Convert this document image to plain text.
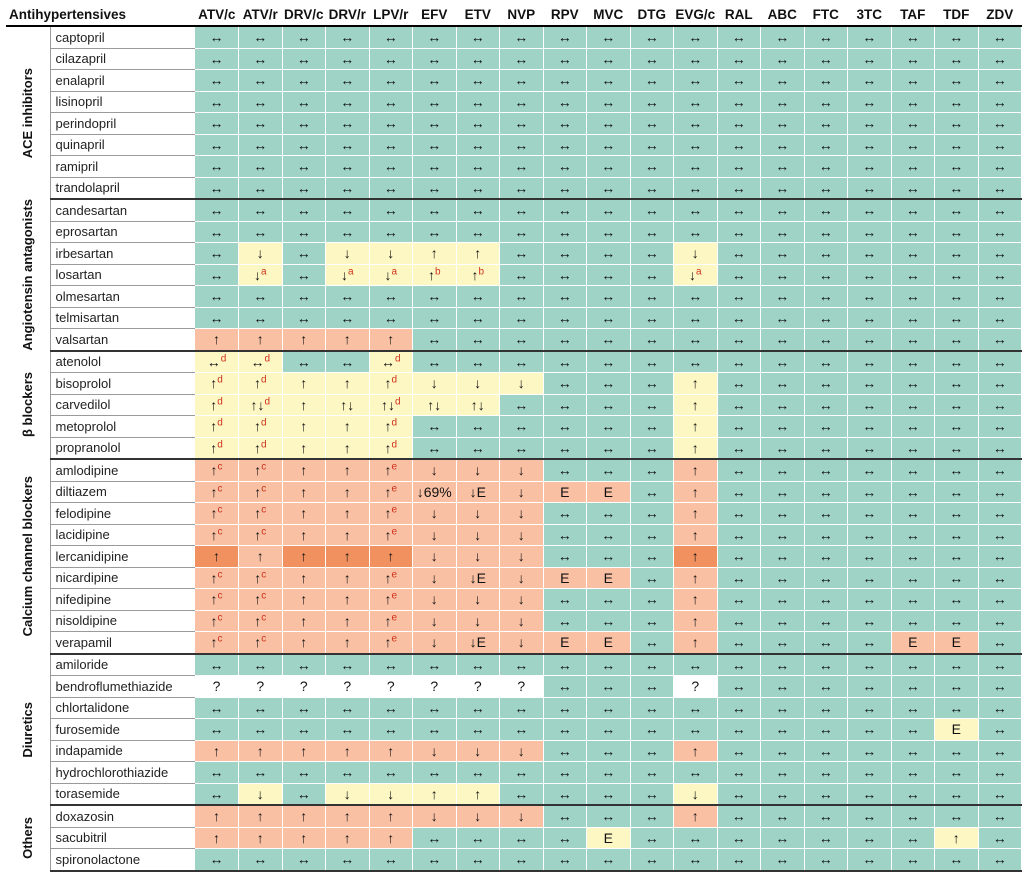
Antihypertensives		ATV/c	ATV/r	DRV/c	DRV/r	LPV/r	EFV	ETV	NVP	RPV	MVC	DTG	EVG/c	RAL	ABC	FTC	3TC	TAF	TDF	ZDV

ACE inhibitors	captopril	↔	↔	↔	↔	↔	↔	↔	↔	↔	↔	↔	↔	↔	↔	↔	↔	↔	↔	↔
	cilazapril	↔	↔	↔	↔	↔	↔	↔	↔	↔	↔	↔	↔	↔	↔	↔	↔	↔	↔	↔
	enalapril	↔	↔	↔	↔	↔	↔	↔	↔	↔	↔	↔	↔	↔	↔	↔	↔	↔	↔	↔
	lisinopril	↔	↔	↔	↔	↔	↔	↔	↔	↔	↔	↔	↔	↔	↔	↔	↔	↔	↔	↔
	perindopril	↔	↔	↔	↔	↔	↔	↔	↔	↔	↔	↔	↔	↔	↔	↔	↔	↔	↔	↔
	quinapril	↔	↔	↔	↔	↔	↔	↔	↔	↔	↔	↔	↔	↔	↔	↔	↔	↔	↔	↔
	ramipril	↔	↔	↔	↔	↔	↔	↔	↔	↔	↔	↔	↔	↔	↔	↔	↔	↔	↔	↔
	trandolapril	↔	↔	↔	↔	↔	↔	↔	↔	↔	↔	↔	↔	↔	↔	↔	↔	↔	↔	↔

Angiotensin antagonists	candesartan	↔	↔	↔	↔	↔	↔	↔	↔	↔	↔	↔	↔	↔	↔	↔	↔	↔	↔	↔
	eprosartan	↔	↔	↔	↔	↔	↔	↔	↔	↔	↔	↔	↔	↔	↔	↔	↔	↔	↔	↔
	irbesartan	↔	↓	↔	↓	↓	↑	↑	↔	↔	↔	↔	↓	↔	↔	↔	↔	↔	↔	↔
	losartan	↔	↓$^a$	↔	↓$^a$	↓$^a$	↑$^b$	↑$^b$	↔	↔	↔	↔	↓$^a$	↔	↔	↔	↔	↔	↔	↔
	olmesartan	↔	↔	↔	↔	↔	↔	↔	↔	↔	↔	↔	↔	↔	↔	↔	↔	↔	↔	↔
	telmisartan	↔	↔	↔	↔	↔	↔	↔	↔	↔	↔	↔	↔	↔	↔	↔	↔	↔	↔	↔
	valsartan	↑	↑	↑	↑	↑	↔	↔	↔	↔	↔	↔	↔	↔	↔	↔	↔	↔	↔	↔

β blockers	atenolol	↔$^d$	↔$^d$	↔	↔	↔$^d$	↔	↔	↔	↔	↔	↔	↔	↔	↔	↔	↔	↔	↔	↔
	bisoprolol	↑$^d$	↑$^d$	↑	↑	↑$^d$	↓	↓	↓	↔	↔	↔	↑	↔	↔	↔	↔	↔	↔	↔
	carvedilol	↑$^d$	↑↓$^d$	↑	↑↓	↑↓$^d$	↑↓	↑↓	↔	↔	↔	↔	↑	↔	↔	↔	↔	↔	↔	↔
	metoprolol	↑$^d$	↑$^d$	↑	↑	↑$^d$	↔	↔	↔	↔	↔	↔	↑	↔	↔	↔	↔	↔	↔	↔
	propranolol	↑$^d$	↑$^d$	↑	↑	↑$^d$	↔	↔	↔	↔	↔	↔	↑	↔	↔	↔	↔	↔	↔	↔

Calcium channel blockers	amlodipine	↑$^c$	↑$^c$	↑	↑	↑$^e$	↓	↓	↓	↔	↔	↔	↑	↔	↔	↔	↔	↔	↔	↔
	diltiazem	↑$^c$	↑$^c$	↑	↑	↑$^e$	↓69%	↓E	↓	E	E	↔	↑	↔	↔	↔	↔	↔	↔	↔
	felodipine	↑$^c$	↑$^c$	↑	↑	↑$^e$	↓	↓	↓	↔	↔	↔	↑	↔	↔	↔	↔	↔	↔	↔
	lacidipine	↑$^c$	↑$^c$	↑	↑	↑$^e$	↓	↓	↓	↔	↔	↔	↑	↔	↔	↔	↔	↔	↔	↔
	lercanidipine	↑	↑	↑	↑	↑	↓	↓	↓	↔	↔	↔	↑	↔	↔	↔	↔	↔	↔	↔
	nicardipine	↑$^c$	↑$^c$	↑	↑	↑$^e$	↓	↓E	↓	E	E	↔	↑	↔	↔	↔	↔	↔	↔	↔
	nifedipine	↑$^c$	↑$^c$	↑	↑	↑$^e$	↓	↓	↓	↔	↔	↔	↑	↔	↔	↔	↔	↔	↔	↔
	nisoldipine	↑$^c$	↑$^c$	↑	↑	↑$^e$	↓	↓	↓	↔	↔	↔	↑	↔	↔	↔	↔	↔	↔	↔
	verapamil	↑$^c$	↑$^c$	↑	↑	↑$^e$	↓	↓E	↓	E	E	↔	↑	↔	↔	↔	↔	E	E	↔

Diuretics	amiloride	↔	↔	↔	↔	↔	↔	↔	↔	↔	↔	↔	↔	↔	↔	↔	↔	↔	↔	↔
	bendroflumethiazide	?	?	?	?	?	?	?	?	↔	↔	↔	?	↔	↔	↔	↔	↔	↔	↔
	chlortalidone	↔	↔	↔	↔	↔	↔	↔	↔	↔	↔	↔	↔	↔	↔	↔	↔	↔	↔	↔
	furosemide	↔	↔	↔	↔	↔	↔	↔	↔	↔	↔	↔	↔	↔	↔	↔	↔	↔	E	↔
	indapamide	↑	↑	↑	↑	↑	↓	↓	↓	↔	↔	↔	↑	↔	↔	↔	↔	↔	↔	↔
	hydrochlorothiazide	↔	↔	↔	↔	↔	↔	↔	↔	↔	↔	↔	↔	↔	↔	↔	↔	↔	↔	↔
	torasemide	↔	↓	↔	↓	↓	↑	↑	↔	↔	↔	↔	↓	↔	↔	↔	↔	↔	↔	↔

Others	doxazosin	↑	↑	↑	↑	↑	↓	↓	↓	↔	↔	↔	↑	↔	↔	↔	↔	↔	↔	↔
	sacubitril	↑	↑	↑	↑	↑	↔	↔	↔	↔	E	↔	↔	↔	↔	↔	↔	↔	↑	↔
	spironolactone	↔	↔	↔	↔	↔	↔	↔	↔	↔	↔	↔	↔	↔	↔	↔	↔	↔	↔	↔
